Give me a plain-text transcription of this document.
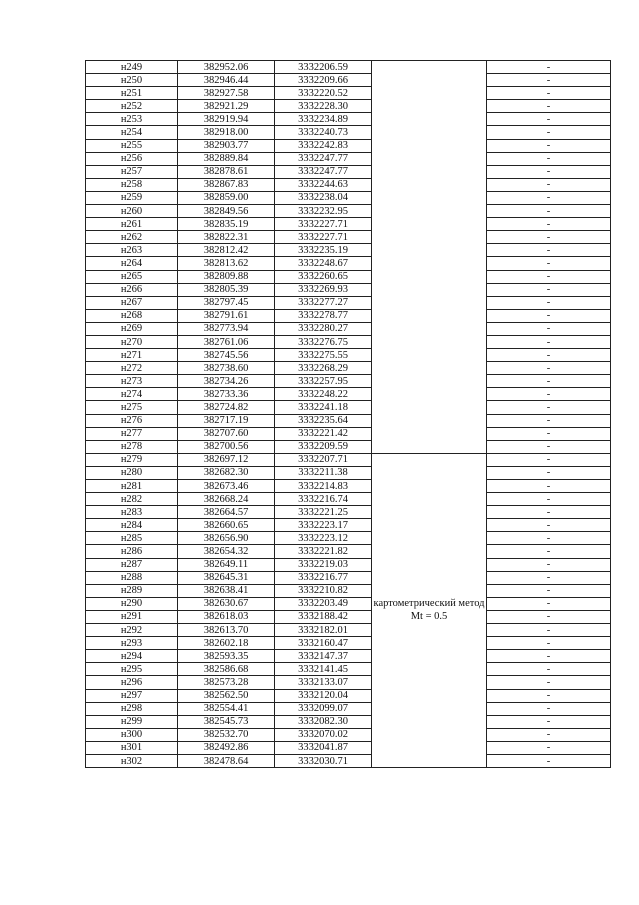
н249	382952.06	3332206.59		-
н250	382946.44	3332209.66		-
н251	382927.58	3332220.52		-
н252	382921.29	3332228.30		-
н253	382919.94	3332234.89		-
н254	382918.00	3332240.73		-
н255	382903.77	3332242.83		-
н256	382889.84	3332247.77		-
н257	382878.61	3332247.77		-
н258	382867.83	3332244.63		-
н259	382859.00	3332238.04		-
н260	382849.56	3332232.95		-
н261	382835.19	3332227.71		-
н262	382822.31	3332227.71		-
н263	382812.42	3332235.19		-
н264	382813.62	3332248.67		-
н265	382809.88	3332260.65		-
н266	382805.39	3332269.93		-
н267	382797.45	3332277.27		-
н268	382791.61	3332278.77		-
н269	382773.94	3332280.27		-
н270	382761.06	3332276.75		-
н271	382745.56	3332275.55		-
н272	382738.60	3332268.29		-
н273	382734.26	3332257.95		-
н274	382733.36	3332248.22		-
н275	382724.82	3332241.18		-
н276	382717.19	3332235.64		-
н277	382707.60	3332221.42		-
н278	382700.56	3332209.59		-
н279	382697.12	3332207.71	картометрический метод Mt = 0.5	-
н280	382682.30	3332211.38		-
н281	382673.46	3332214.83		-
н282	382668.24	3332216.74		-
н283	382664.57	3332221.25		-
н284	382660.65	3332223.17		-
н285	382656.90	3332223.12		-
н286	382654.32	3332221.82		-
н287	382649.11	3332219.03		-
н288	382645.31	3332216.77		-
н289	382638.41	3332210.82		-
н290	382630.67	3332203.49		-
н291	382618.03	3332188.42		-
н292	382613.70	3332182.01		-
н293	382602.18	3332160.47		-
н294	382593.35	3332147.37		-
н295	382586.68	3332141.45		-
н296	382573.28	3332133.07		-
н297	382562.50	3332120.04		-
н298	382554.41	3332099.07		-
н299	382545.73	3332082.30		-
н300	382532.70	3332070.02		-
н301	382492.86	3332041.87		-
н302	382478.64	3332030.71		-
